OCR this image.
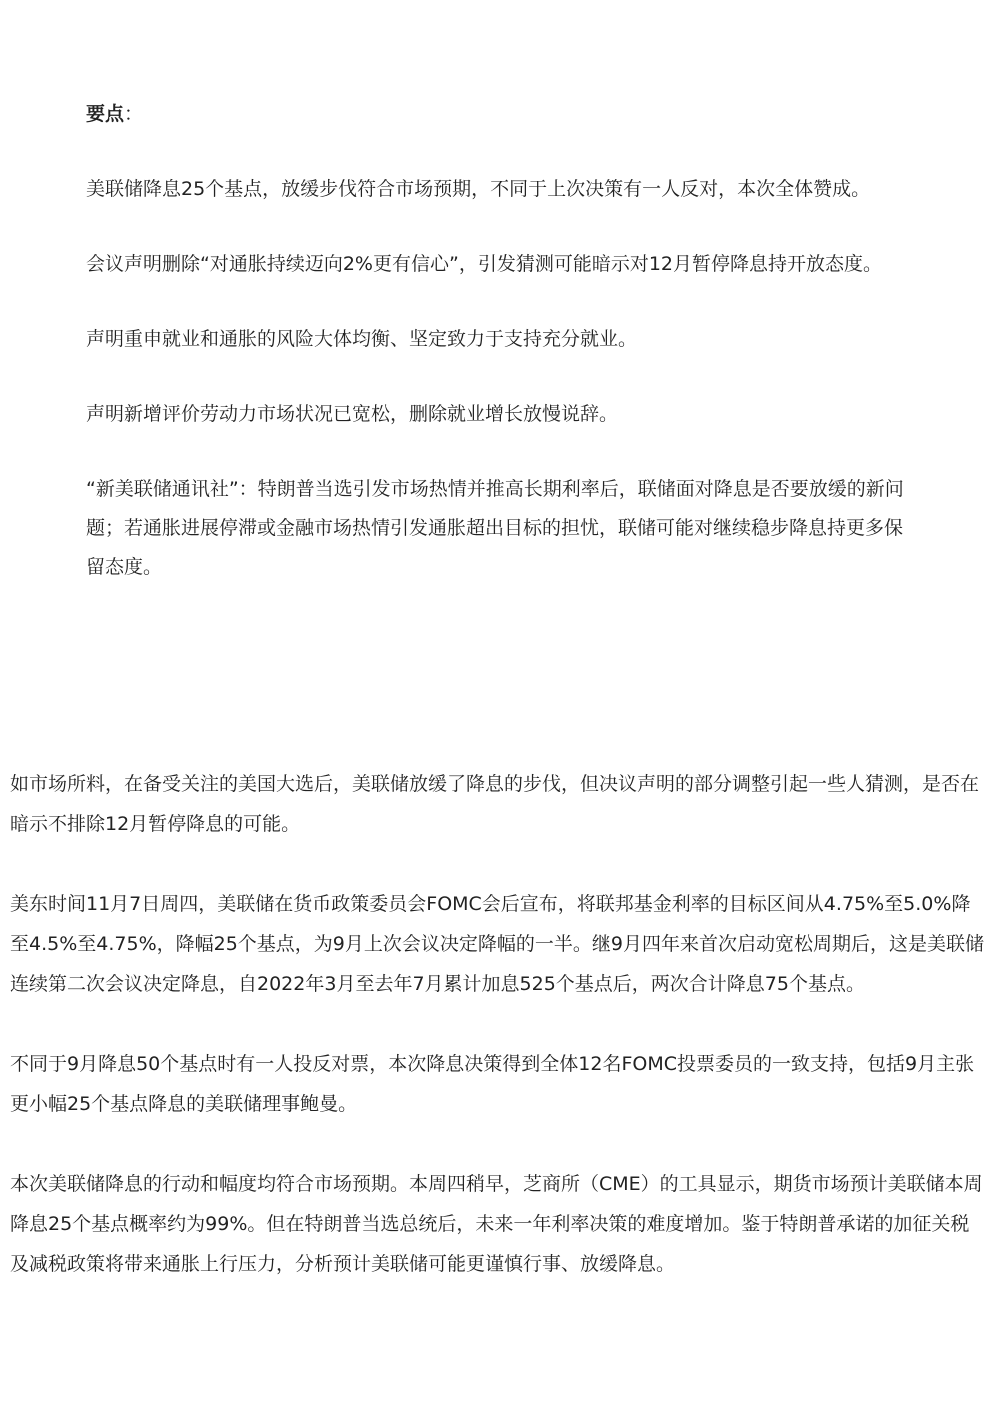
要点：

美联储降息25个基点，放缓步伐符合市场预期，不同于上次决策有一人反对，本次全体赞成。

会议声明删除“对通胀持续迈向2%更有信心”，引发猜测可能暗示对12月暂停降息持开放态度。

声明重申就业和通胀的风险大体均衡、坚定致力于支持充分就业。

声明新增评价劳动力市场状况已宽松，删除就业增长放慢说辞。

“新美联储通讯社”：特朗普当选引发市场热情并推高长期利率后，联储面对降息是否要放缓的新问题；若通胀进展停滞或金融市场热情引发通胀超出目标的担忧，联储可能对继续稳步降息持更多保留态度。

如市场所料，在备受关注的美国大选后，美联储放缓了降息的步伐，但决议声明的部分调整引起一些人猜测，是否在暗示不排除12月暂停降息的可能。

美东时间11月7日周四，美联储在货币政策委员会FOMC会后宣布，将联邦基金利率的目标区间从4.75%至5.0%降至4.5%至4.75%，降幅25个基点，为9月上次会议决定降幅的一半。继9月四年来首次启动宽松周期后，这是美联储连续第二次会议决定降息，自2022年3月至去年7月累计加息525个基点后，两次合计降息75个基点。

不同于9月降息50个基点时有一人投反对票，本次降息决策得到全体12名FOMC投票委员的一致支持，包括9月主张更小幅25个基点降息的美联储理事鲍曼。

本次美联储降息的行动和幅度均符合市场预期。本周四稍早，芝商所（CME）的工具显示，期货市场预计美联储本周降息25个基点概率约为99%。但在特朗普当选总统后，未来一年利率决策的难度增加。鉴于特朗普承诺的加征关税及减税政策将带来通胀上行压力，分析预计美联储可能更谨慎行事、放缓降息。
